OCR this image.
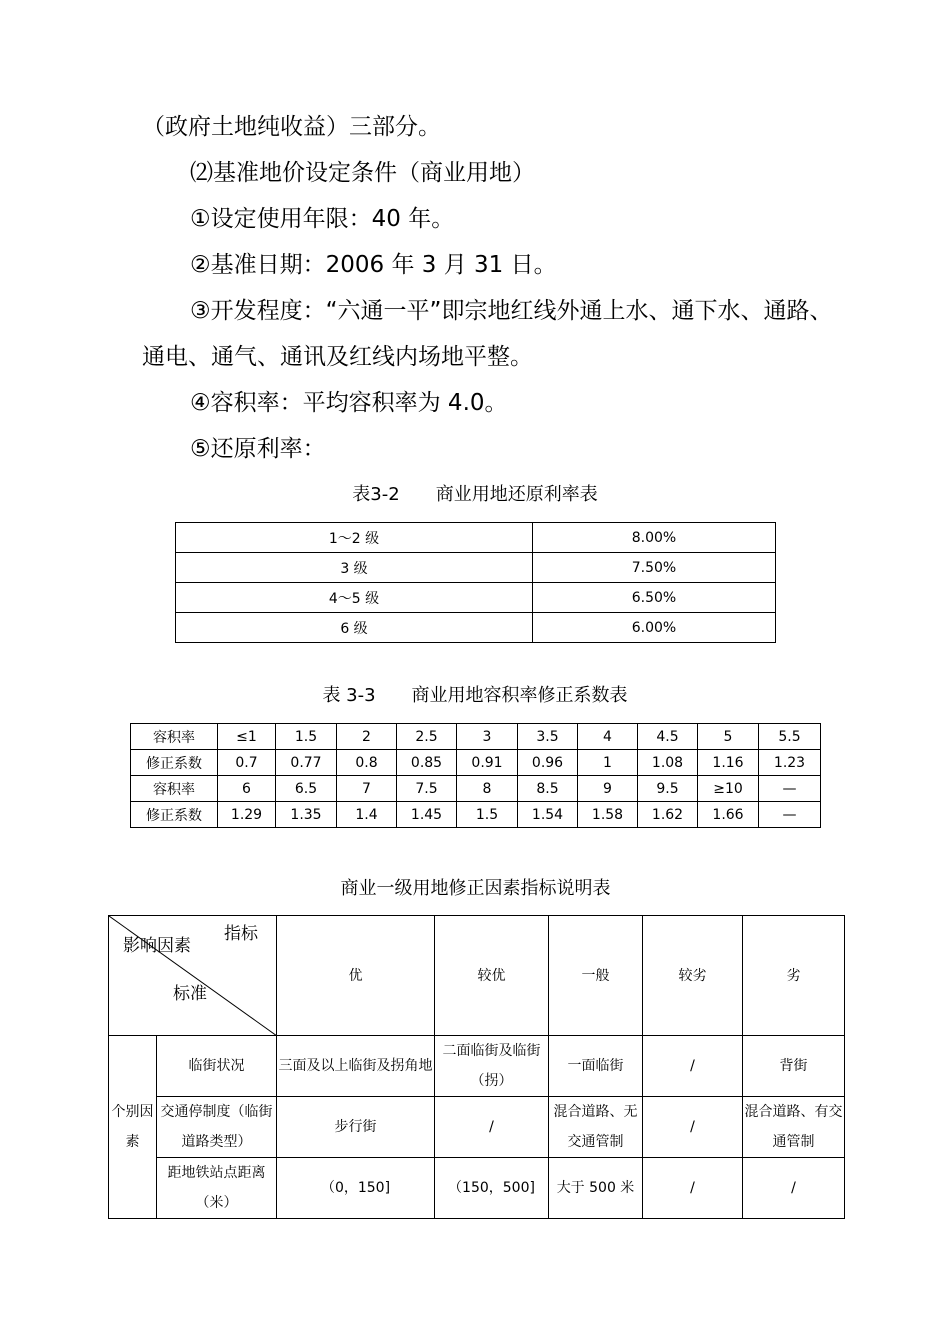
（政府土地纯收益）三部分。
⑵基准地价设定条件（商业用地）
①设定使用年限：40 年。
②基准日期：2006 年 3 月 31 日。
③开发程度：“六通一平”即宗地红线外通上水、通下水、通路、
通电、通气、通讯及红线内场地平整。
④容积率：平均容积率为 4.0。
⑤还原利率：
表3-2　　商业用地还原利率表
1～2 级	8.00%
3 级	7.50%
4～5 级	6.50%
6 级	6.00%
表 3-3　　商业用地容积率修正系数表
容积率	≤1	1.5	2	2.5	3	3.5	4	4.5	5	5.5
修正系数	0.7	0.77	0.8	0.85	0.91	0.96	1	1.08	1.16	1.23
容积率	6	6.5	7	7.5	8	8.5	9	9.5	≥10	—
修正系数	1.29	1.35	1.4	1.45	1.5	1.54	1.58	1.62	1.66	—
商业一级用地修正因素指标说明表
指标
影响因素
标准		优	较优	一般	较劣	劣
个别因素	临街状况	三面及以上临街及拐角地	二面临街及临街（拐）	一面临街	/	背街
	交通停制度（临街道路类型）	步行街	/	混合道路、无交通管制	/	混合道路、有交通管制
	距地铁站点距离（米）	（0，150]	（150，500]	大于 500 米	/	/
